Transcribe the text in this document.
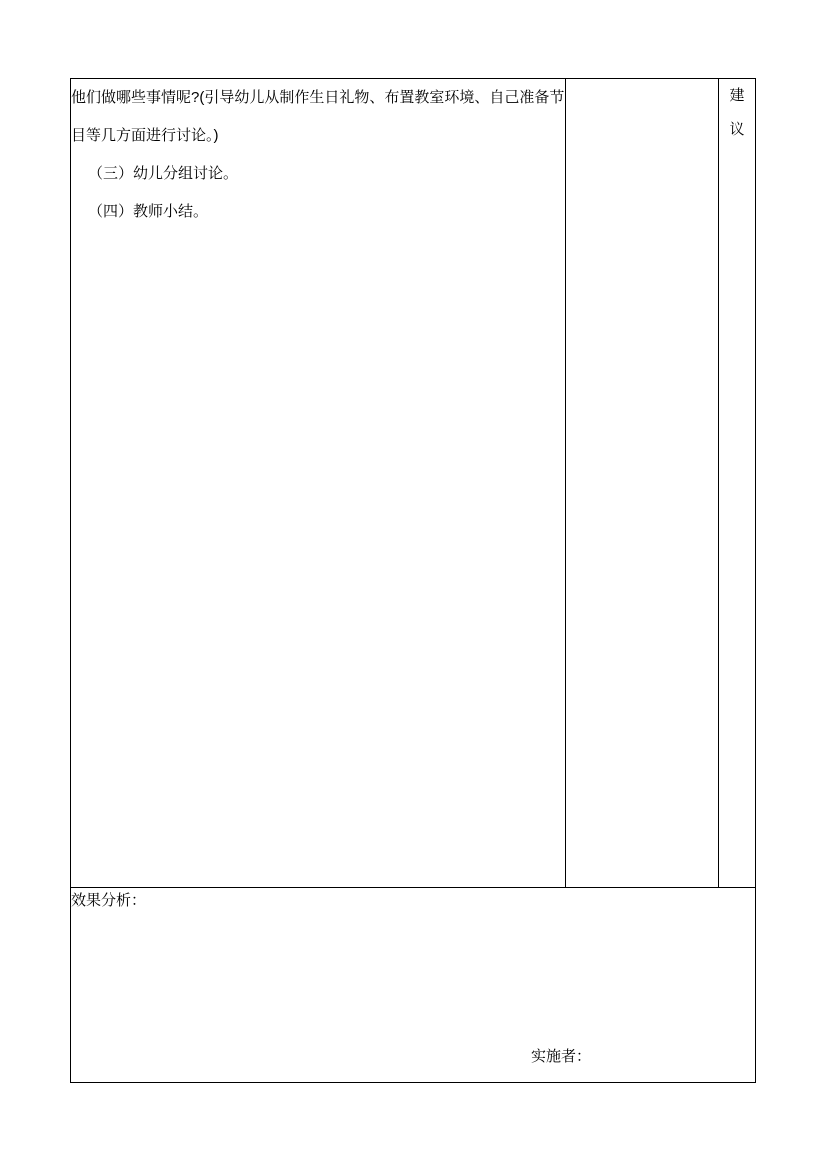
他们做哪些事情呢?(引导幼儿从制作生日礼物、布置教室环境、自己准备节目等几方面进行讨论。)

（三）幼儿分组讨论。

（四）教师小结。

建
议

效果分析：

实施者：
